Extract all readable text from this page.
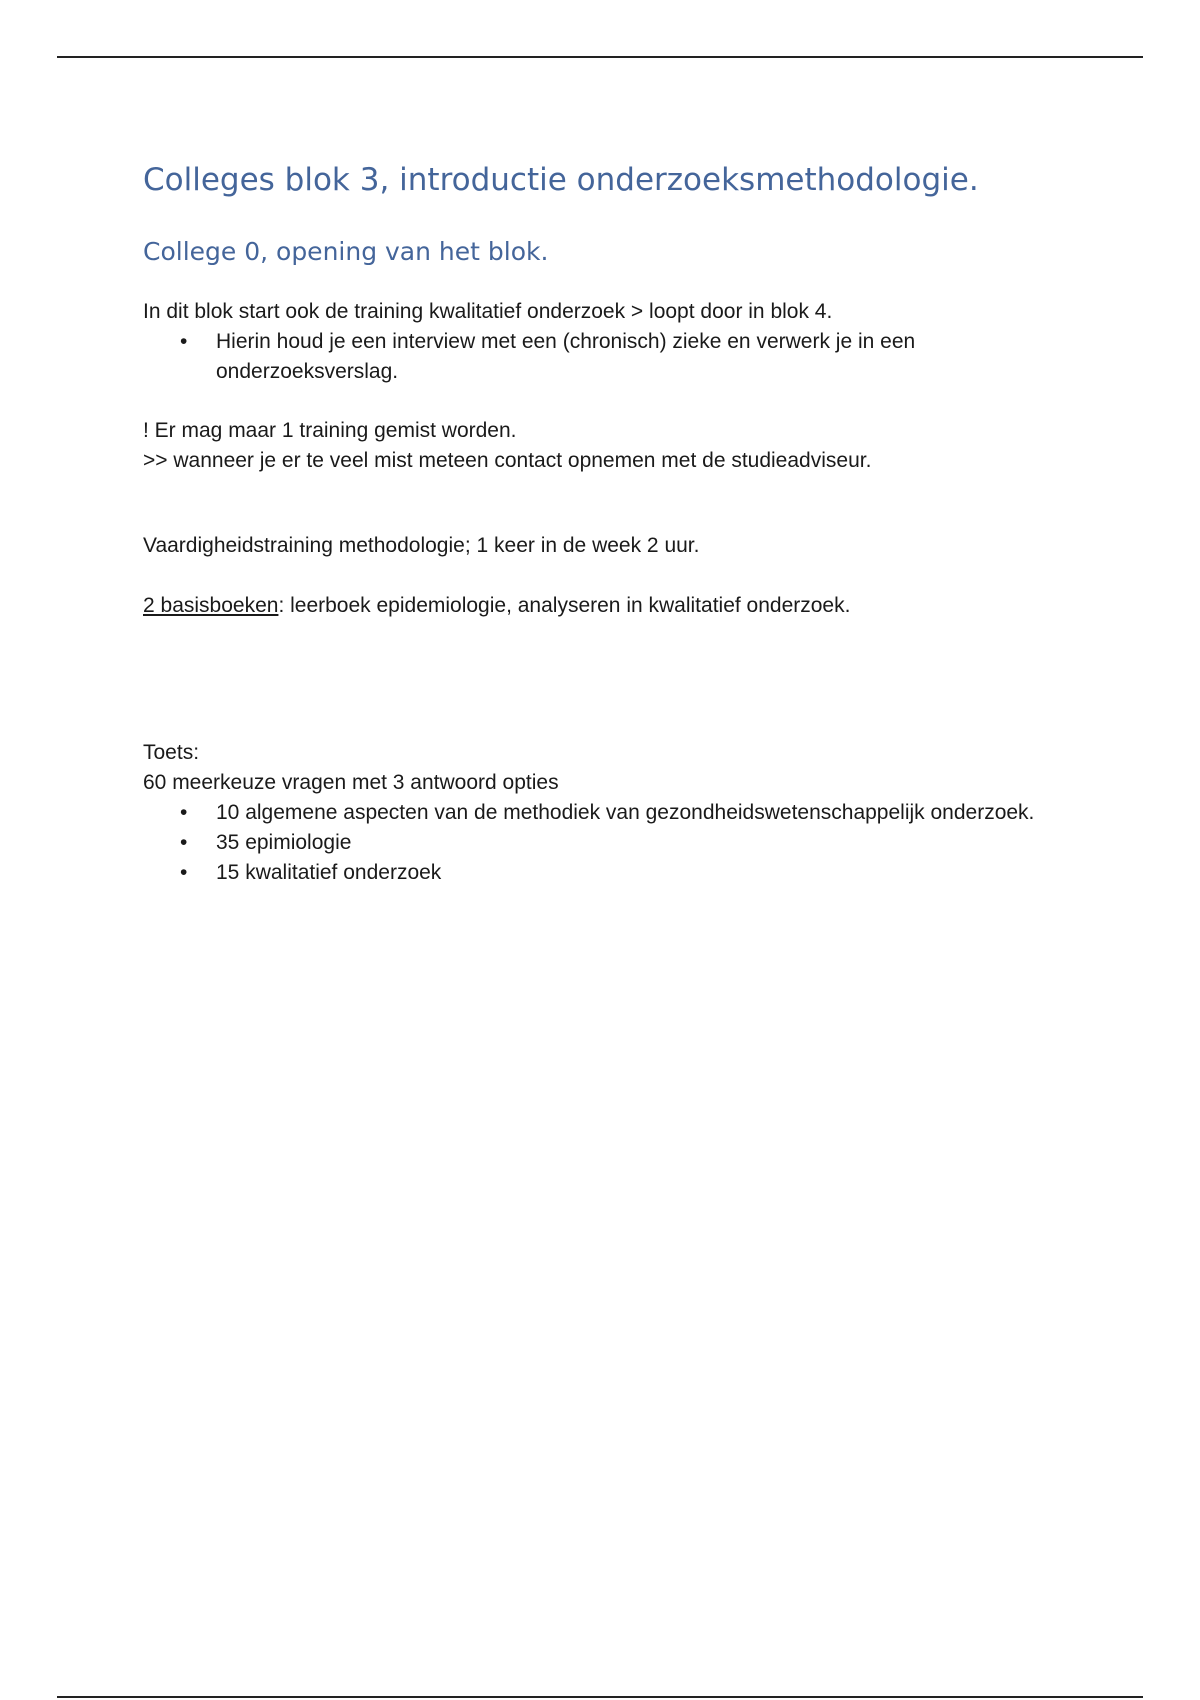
Colleges blok 3, introductie onderzoeksmethodologie.
College 0, opening van het blok.

In dit blok start ook de training kwalitatief onderzoek > loopt door in blok 4.

• Hierin houd je een interview met een (chronisch) zieke en verwerk je in een onderzoeksverslag.

! Er mag maar 1 training gemist worden.

>> wanneer je er te veel mist meteen contact opnemen met de studieadviseur.

Vaardigheidstraining methodologie; 1 keer in de week 2 uur.

2 basisboeken: leerboek epidemiologie, analyseren in kwalitatief onderzoek.

Toets:

60 meerkeuze vragen met 3 antwoord opties

• 10 algemene aspecten van de methodiek van gezondheidswetenschappelijk onderzoek.
• 35 epimiologie
• 15 kwalitatief onderzoek
